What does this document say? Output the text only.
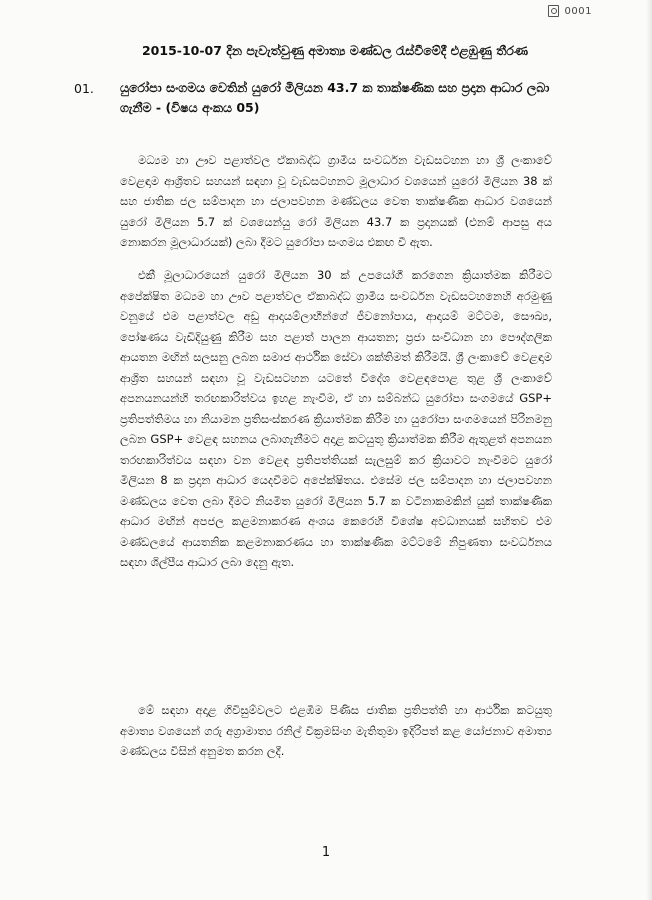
0001
2015-10-07 දින පැවැත්වුණු අමාත්‍ය මණ්ඩල රැස්වීමේදී එළඹුණු තීරණ
01. යුරෝපා සංගමය වෙතින් යුරෝ මිලියන 43.7 ක තාක්ෂණික සහ ප්‍රදාන ආධාර ලබා ගැනීම - (විෂය අංකය 05)

මධ්‍යම හා ඌව පළාත්වල ඒකාබද්ධ ග්‍රාමීය සංවර්ධන වැඩසටහන හා ශ්‍රී ලංකාවේ වෙළඳාම ආශ්‍රිතව සහයන් සඳහා වූ වැඩසටහනට මූලාධාර වශයෙන් යුරෝ මිලියන 38 ක් සහ ජාතික ජල සම්පාදන හා ජලාපවහන මණ්ඩලය වෙත තාක්ෂණික ආධාර වශයෙන් යුරෝ මිලියන 5.7 ක් වශයෙන්යු රෝ මිලියන 43.7 ක ප්‍රදානයක් (එනම් ආපසු අය නොකරන මූලාධාරයක්) ලබා දීමට යුරෝපා සංගමය එකඟ වී ඇත.

එකී මූලාධාරයෙන් යුරෝ මිලියන 30 ක් උපයෝගී කරගෙන ක්‍රියාත්මක කිරීමට අපේක්ෂිත මධ්‍යම හා ඌව පළාත්වල ඒකාබද්ධ ග්‍රාමීය සංවර්ධන වැඩසටහනෙහි අරමුණු වනුයේ එම පළාත්වල අඩු ආදායම්ලාභීන්ගේ ජීවනෝපාය, ආදායම් මට්ටම, සෞඛ්‍ය, පෝෂණය වැඩිදියුණු කිරීම සහ පළාත් පාලන ආයතන; ප්‍රජා සංවිධාන හා පෞද්ගලික ආයතන මඟින් සලසනු ලබන සමාජ ආර්ථික සේවා ශක්තිමත් කිරීමයි. ශ්‍රී ලංකාවේ වෙළඳාම ආශ්‍රිත සහයන් සඳහා වූ වැඩසටහන යටතේ විදේශ වෙළඳපොළ තුළ ශ්‍රී ලංකාවේ අපනයනයන්හි තරඟකාරිත්වය ඉහළ නැංවීම, ඒ හා සම්බන්ධ යුරෝපා සංගමයේ GSP+ ප්‍රතිපත්තිමය හා නියාමන ප්‍රතිසංස්කරණ ක්‍රියාත්මක කිරීම හා යුරෝපා සංගමයෙන් පිරිනමනු ලබන GSP+ වෙළඳ සහනය ලබාගැනීමට අදාළ කටයුතු ක්‍රියාත්මක කිරීම ඇතුළත් අපනයන තරඟකාරිත්වය සඳහා වන වෙළඳ ප්‍රතිපත්තියක් සැලසුම් කර ක්‍රියාවට නැංවීමට යුරෝ මිලියන 8 ක ප්‍රදාන ආධාර යෙදවීමට අපේක්ෂිතය. එසේම ජල සම්පාදන හා ජලාපවහන මණ්ඩලය වෙත ලබා දීමට නියමිත යුරෝ මිලියන 5.7 ක වටිනාකමකින් යුක් තාක්ෂණික ආධාර මඟින් අපජල කළමනාකරණ අංශය කෙරෙහි විශේෂ අවධානයක් සහිතව එම මණ්ඩලයේ ආයතනික කළමනාකරණය හා තාක්ෂණික මට්ටමේ නිපුණතා සංවර්ධනය සඳහා ශිල්පීය ආධාර ලබා දෙනු ඇත.

මේ සඳහා අදාළ ගිවිසුම්වලට එළඹීම පිණිස ජාතික ප්‍රතිපත්ති හා ආර්ථික කටයුතු අමාත්‍ය වශයෙන් ගරු අග්‍රාමාත්‍ය රනිල් වික්‍රමසිංහ මැතිතුමා ඉදිරිපත් කළ යෝජනාව අමාත්‍ය මණ්ඩලය විසින් අනුමත කරන ලදී.

1
